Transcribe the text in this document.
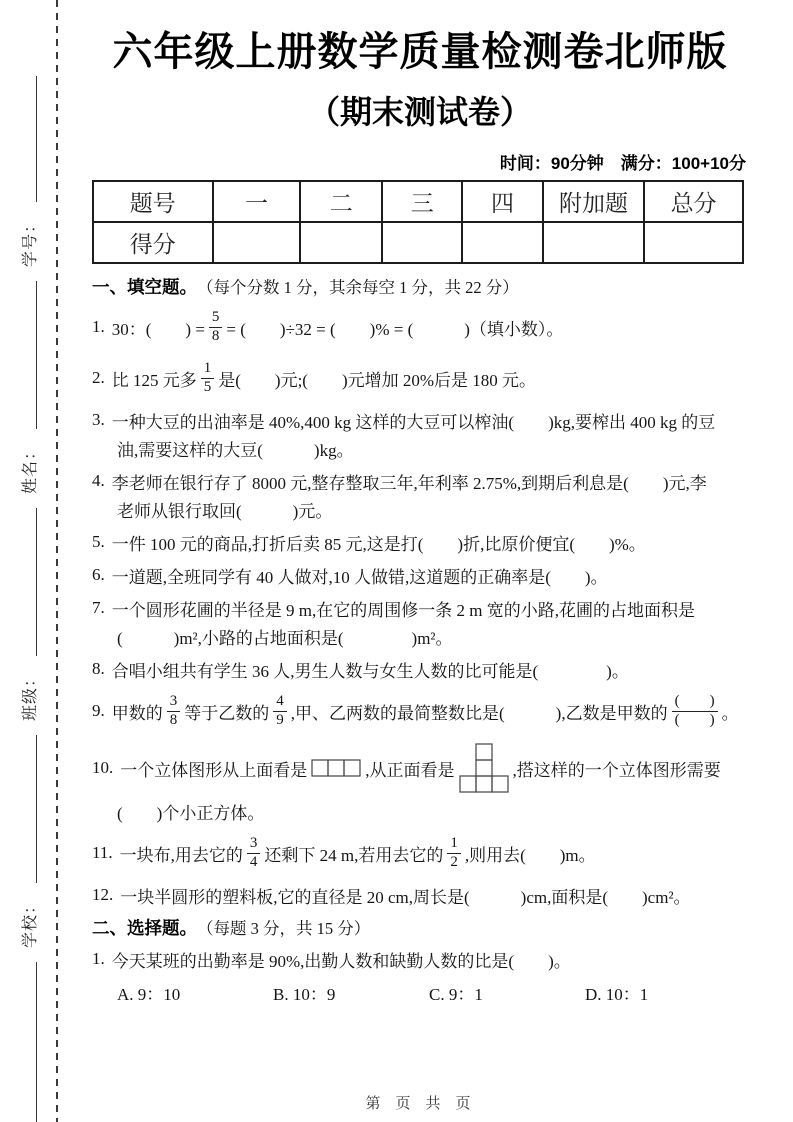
学校：
班级：
姓名：
学号：
六年级上册数学质量检测卷北师版
（期末测试卷）
时间：90分钟　满分：100+10分
题号	一	二	三	四	附加题	总分
得分						
一、填空题。 （每个分数 1 分，其余每空 1 分，共 22 分）
1. 30：(　　) = $\frac{5}{8}$ = (　　)÷32 = (　　)% = (　　　)（填小数）。
2. 比 125 元多 $\frac{1}{5}$ 是(　　)元;(　　)元增加 20%后是 180 元。
3. 一种大豆的出油率是 40%,400 kg 这样的大豆可以榨油(　　)kg,要榨出 400 kg 的豆
油,需要这样的大豆(　　　)kg。
4. 李老师在银行存了 8000 元,整存整取三年,年利率 2.75%,到期后利息是(　　)元,李
老师从银行取回(　　　)元。
5. 一件 100 元的商品,打折后卖 85 元,这是打(　　)折,比原价便宜(　　)%。
6. 一道题,全班同学有 40 人做对,10 人做错,这道题的正确率是(　　)。
7. 一个圆形花圃的半径是 9 m,在它的周围修一条 2 m 宽的小路,花圃的占地面积是
(　　　)m²,小路的占地面积是(　　　　)m²。
8. 合唱小组共有学生 36 人,男生人数与女生人数的比可能是(　　　　)。
9. 甲数的 $\frac{3}{8}$ 等于乙数的 $\frac{4}{9}$ ,甲、乙两数的最简整数比是(　　　),乙数是甲数的 $\frac{( )}{( )}$ 。
10. 一个立体图形从上面看是	,从正面看是	,搭这样的一个立体图形需要
(　　)个小正方体。
11. 一块布,用去它的 $\frac{3}{4}$ 还剩下 24 m,若用去它的 $\frac{1}{2}$ ,则用去(　　)m。
12. 一块半圆形的塑料板,它的直径是 20 cm,周长是(　　　)cm,面积是(　　)cm²。
二、选择题。 （每题 3 分，共 15 分）
1. 今天某班的出勤率是 90%,出勤人数和缺勤人数的比是(　　)。
A. 9：10	B. 10：9	C. 9：1	D. 10：1
第　页　共　页
